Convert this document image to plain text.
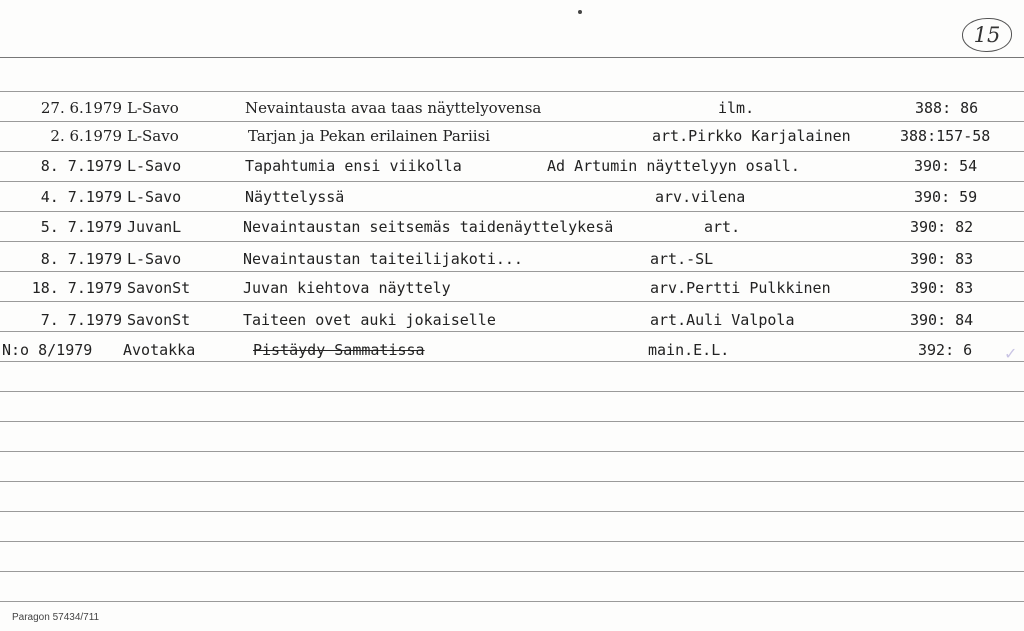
15
27. 6.1979 L-Savo	Nevaintausta avaa taas näyttelyovensa	ilm.	388: 86
2. 6.1979 L-Savo	Tarjan ja Pekan erilainen Pariisi	art.Pirkko Karjalainen	388:157-58
8. 7.1979 L-Savo	Tapahtumia ensi viikolla	Ad Artumin näyttelyyn osall.	390: 54
4. 7.1979 L-Savo	Näyttelyssä	arv.vilena	390: 59
5. 7.1979 JuvanL	Nevaintaustan seitsemäs taidenäyttelykesä	art.	390: 82
8. 7.1979 L-Savo	Nevaintaustan taiteilijakoti...	art.-SL	390: 83
18. 7.1979 SavonSt	Juvan kiehtova näyttely	arv.Pertti Pulkkinen	390: 83
7. 7.1979 SavonSt	Taiteen ovet auki jokaiselle	art.Auli Valpola	390: 84
N:o 8/1979	Avotakka	Pistäydy Sammatissa	main.E.L.	392: 6 ✓
Paragon 57434/711
